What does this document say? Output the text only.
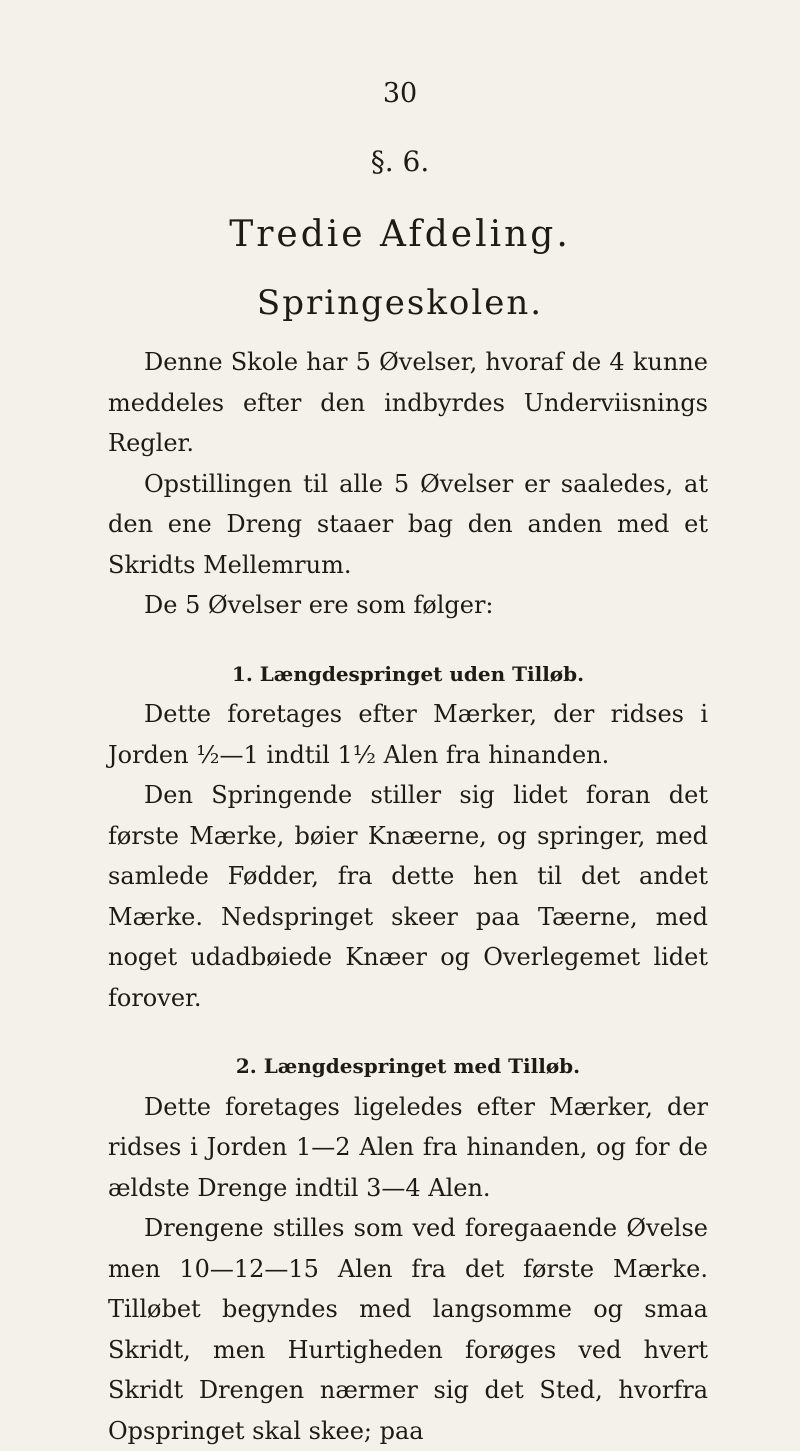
30
§. 6.
Tredie Afdeling.
Springeskolen.

Denne Skole har 5 Øvelser, hvoraf de 4 kunne meddeles efter den indbyrdes Underviisnings Regler.

Opstillingen til alle 5 Øvelser er saaledes, at den ene Dreng staaer bag den anden med et Skridts Mellemrum.

De 5 Øvelser ere som følger:

1. Længdespringet uden Tilløb.

Dette foretages efter Mærker, der ridses i Jorden ½—1 indtil 1½ Alen fra hinanden.

Den Springende stiller sig lidet foran det første Mærke, bøier Knæerne, og springer, med samlede Fødder, fra dette hen til det andet Mærke. Nedspringet skeer paa Tæerne, med noget udadbøiede Knæer og Overlegemet lidet forover.

2. Længdespringet med Tilløb.

Dette foretages ligeledes efter Mærker, der ridses i Jorden 1—2 Alen fra hinanden, og for de ældste Drenge indtil 3—4 Alen.

Drengene stilles som ved foregaaende Øvelse men 10—12—15 Alen fra det første Mærke. Tilløbet begyndes med langsomme og smaa Skridt, men Hurtigheden forøges ved hvert Skridt Drengen nærmer sig det Sted, hvorfra Opspringet skal skee; paa
